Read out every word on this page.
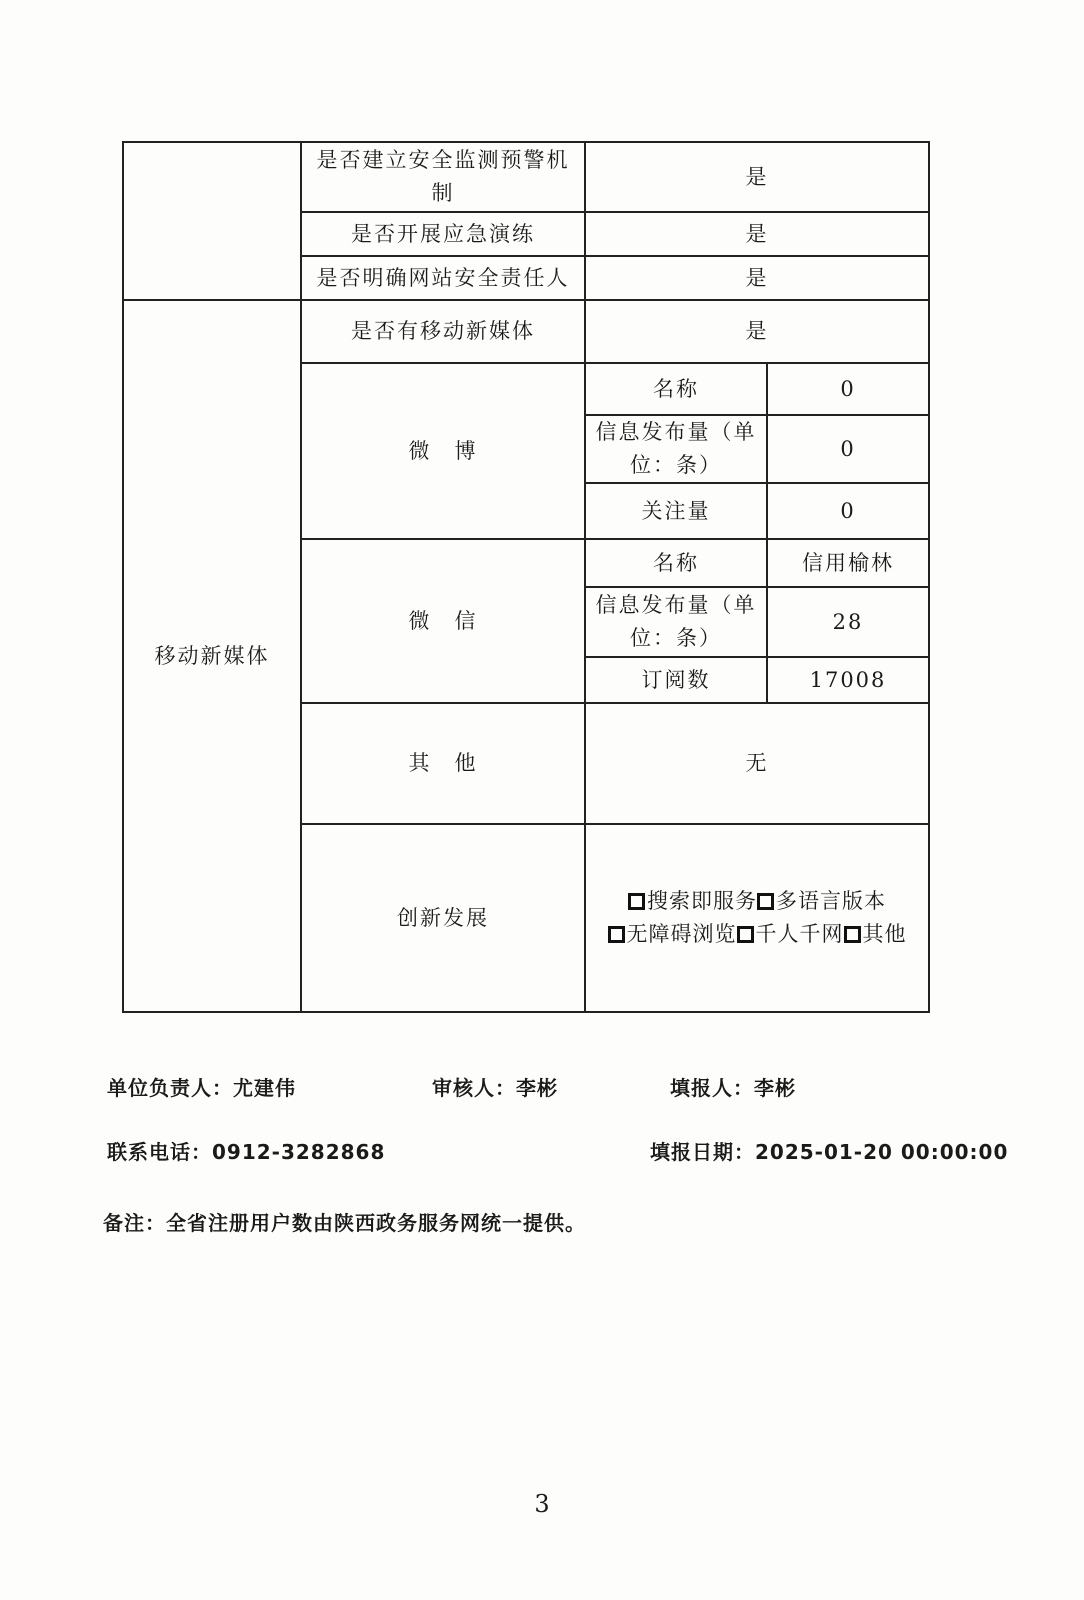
	是否建立安全监测预警机制	是	
	是否开展应急演练	是	
	是否明确网站安全责任人	是	
移动新媒体	是否有移动新媒体	是	
	微　博	名称	0
		信息发布量（单位：条）	0
		关注量	0
	微　信	名称	信用榆林
		信息发布量（单位：条）	28
		订阅数	17008
	其　他	无	
	创新发展	搜索即服务 多语言版本无障碍浏览 千人千网 其他	
单位负责人：尤建伟	审核人：李彬	填报人：李彬
联系电话：0912-3282868	填报日期：2025-01-20 00:00:00
备注：全省注册用户数由陕西政务服务网统一提供。
3
